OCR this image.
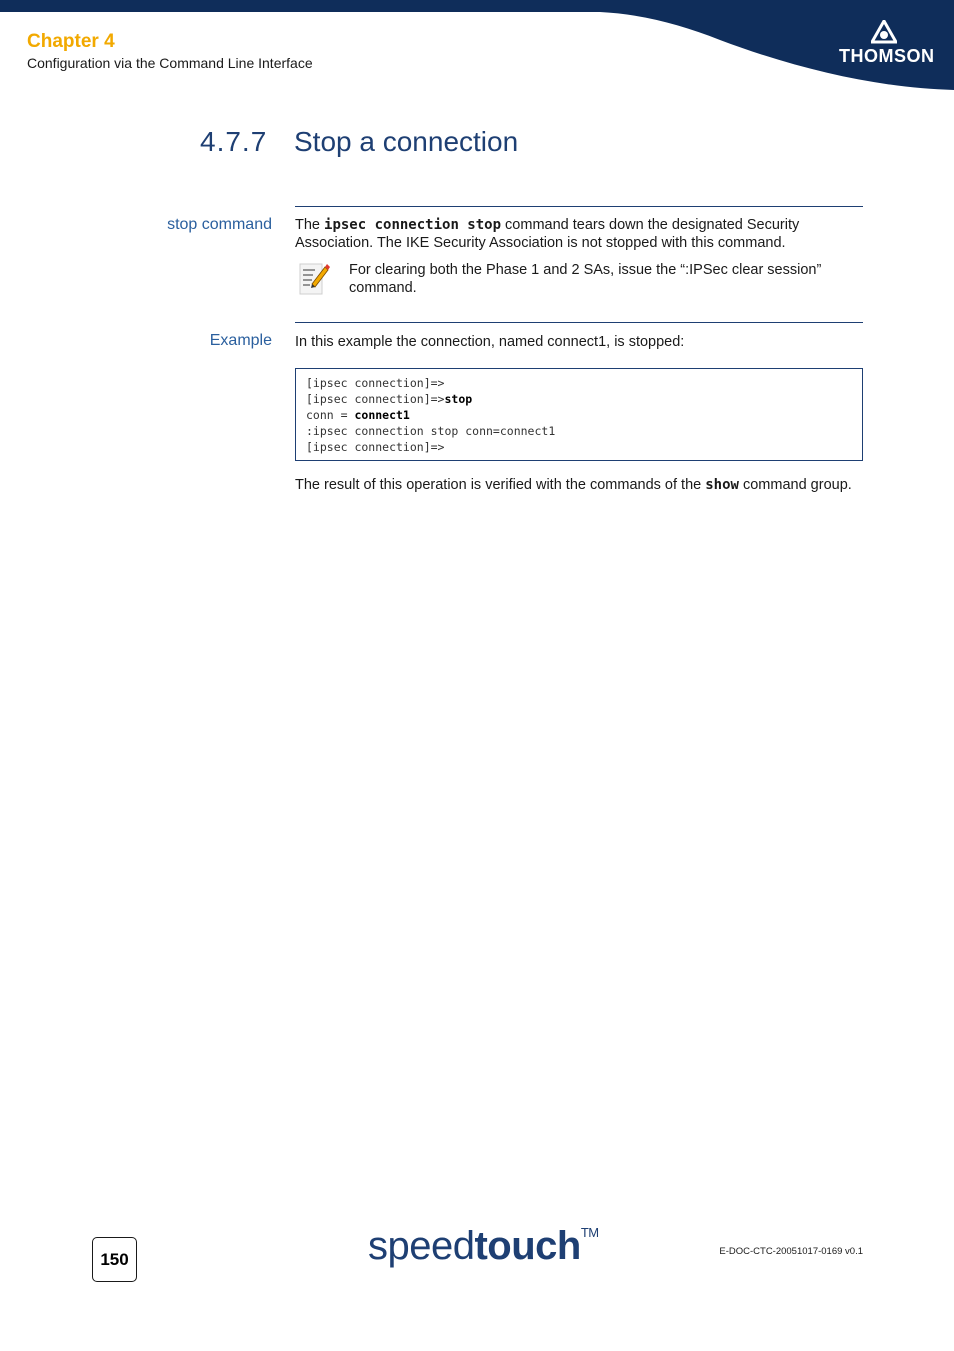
Chapter 4
Configuration via the Command Line Interface	THOMSON
4.7.7 Stop a connection
stop command The ipsec connection stop command tears down the designated Security Association. The IKE Security Association is not stopped with this command.
For clearing both the Phase 1 and 2 SAs, issue the “:IPSec clear session” command.
Example In this example the connection, named connect1, is stopped:
[ipsec connection]=>
[ipsec connection]=>stop
conn = connect1
:ipsec connection stop conn=connect1
[ipsec connection]=>
The result of this operation is verified with the commands of the show command group.
150	speedtouch™
E-DOC-CTC-20051017-0169 v0.1
